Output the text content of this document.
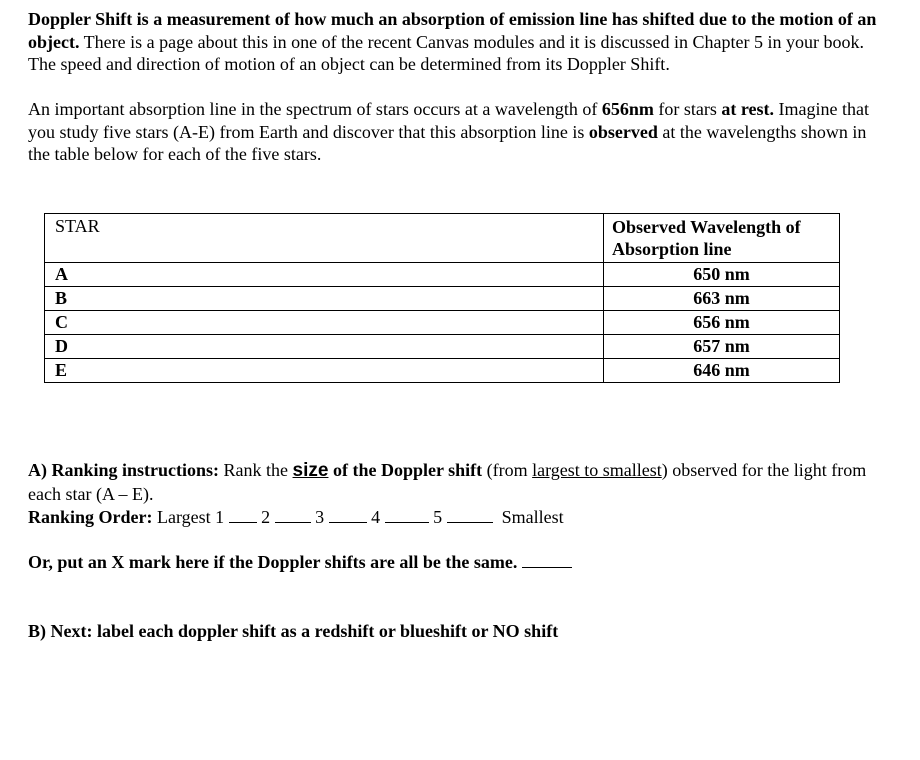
Doppler Shift is a measurement of how much an absorption of emission line has shifted due to the motion of an object. There is a page about this in one of the recent Canvas modules and it is discussed in Chapter 5 in your book. The speed and direction of motion of an object can be determined from its Doppler Shift.

An important absorption line in the spectrum of stars occurs at a wavelength of 656nm for stars at rest. Imagine that you study five stars (A-E) from Earth and discover that this absorption line is observed at the wavelengths shown in the table below for each of the five stars.

STAR	Observed Wavelength of Absorption line
A	650 nm
B	663 nm
C	656 nm
D	657 nm
E	646 nm

A) Ranking instructions: Rank the size of the Doppler shift (from largest to smallest) observed for the light from each star (A – E).

Ranking Order: Largest 1 2	3	4	5	Smallest

Or, put an X mark here if the Doppler shifts are all be the same.
B) Next: label each doppler shift as a redshift or blueshift or NO shift
